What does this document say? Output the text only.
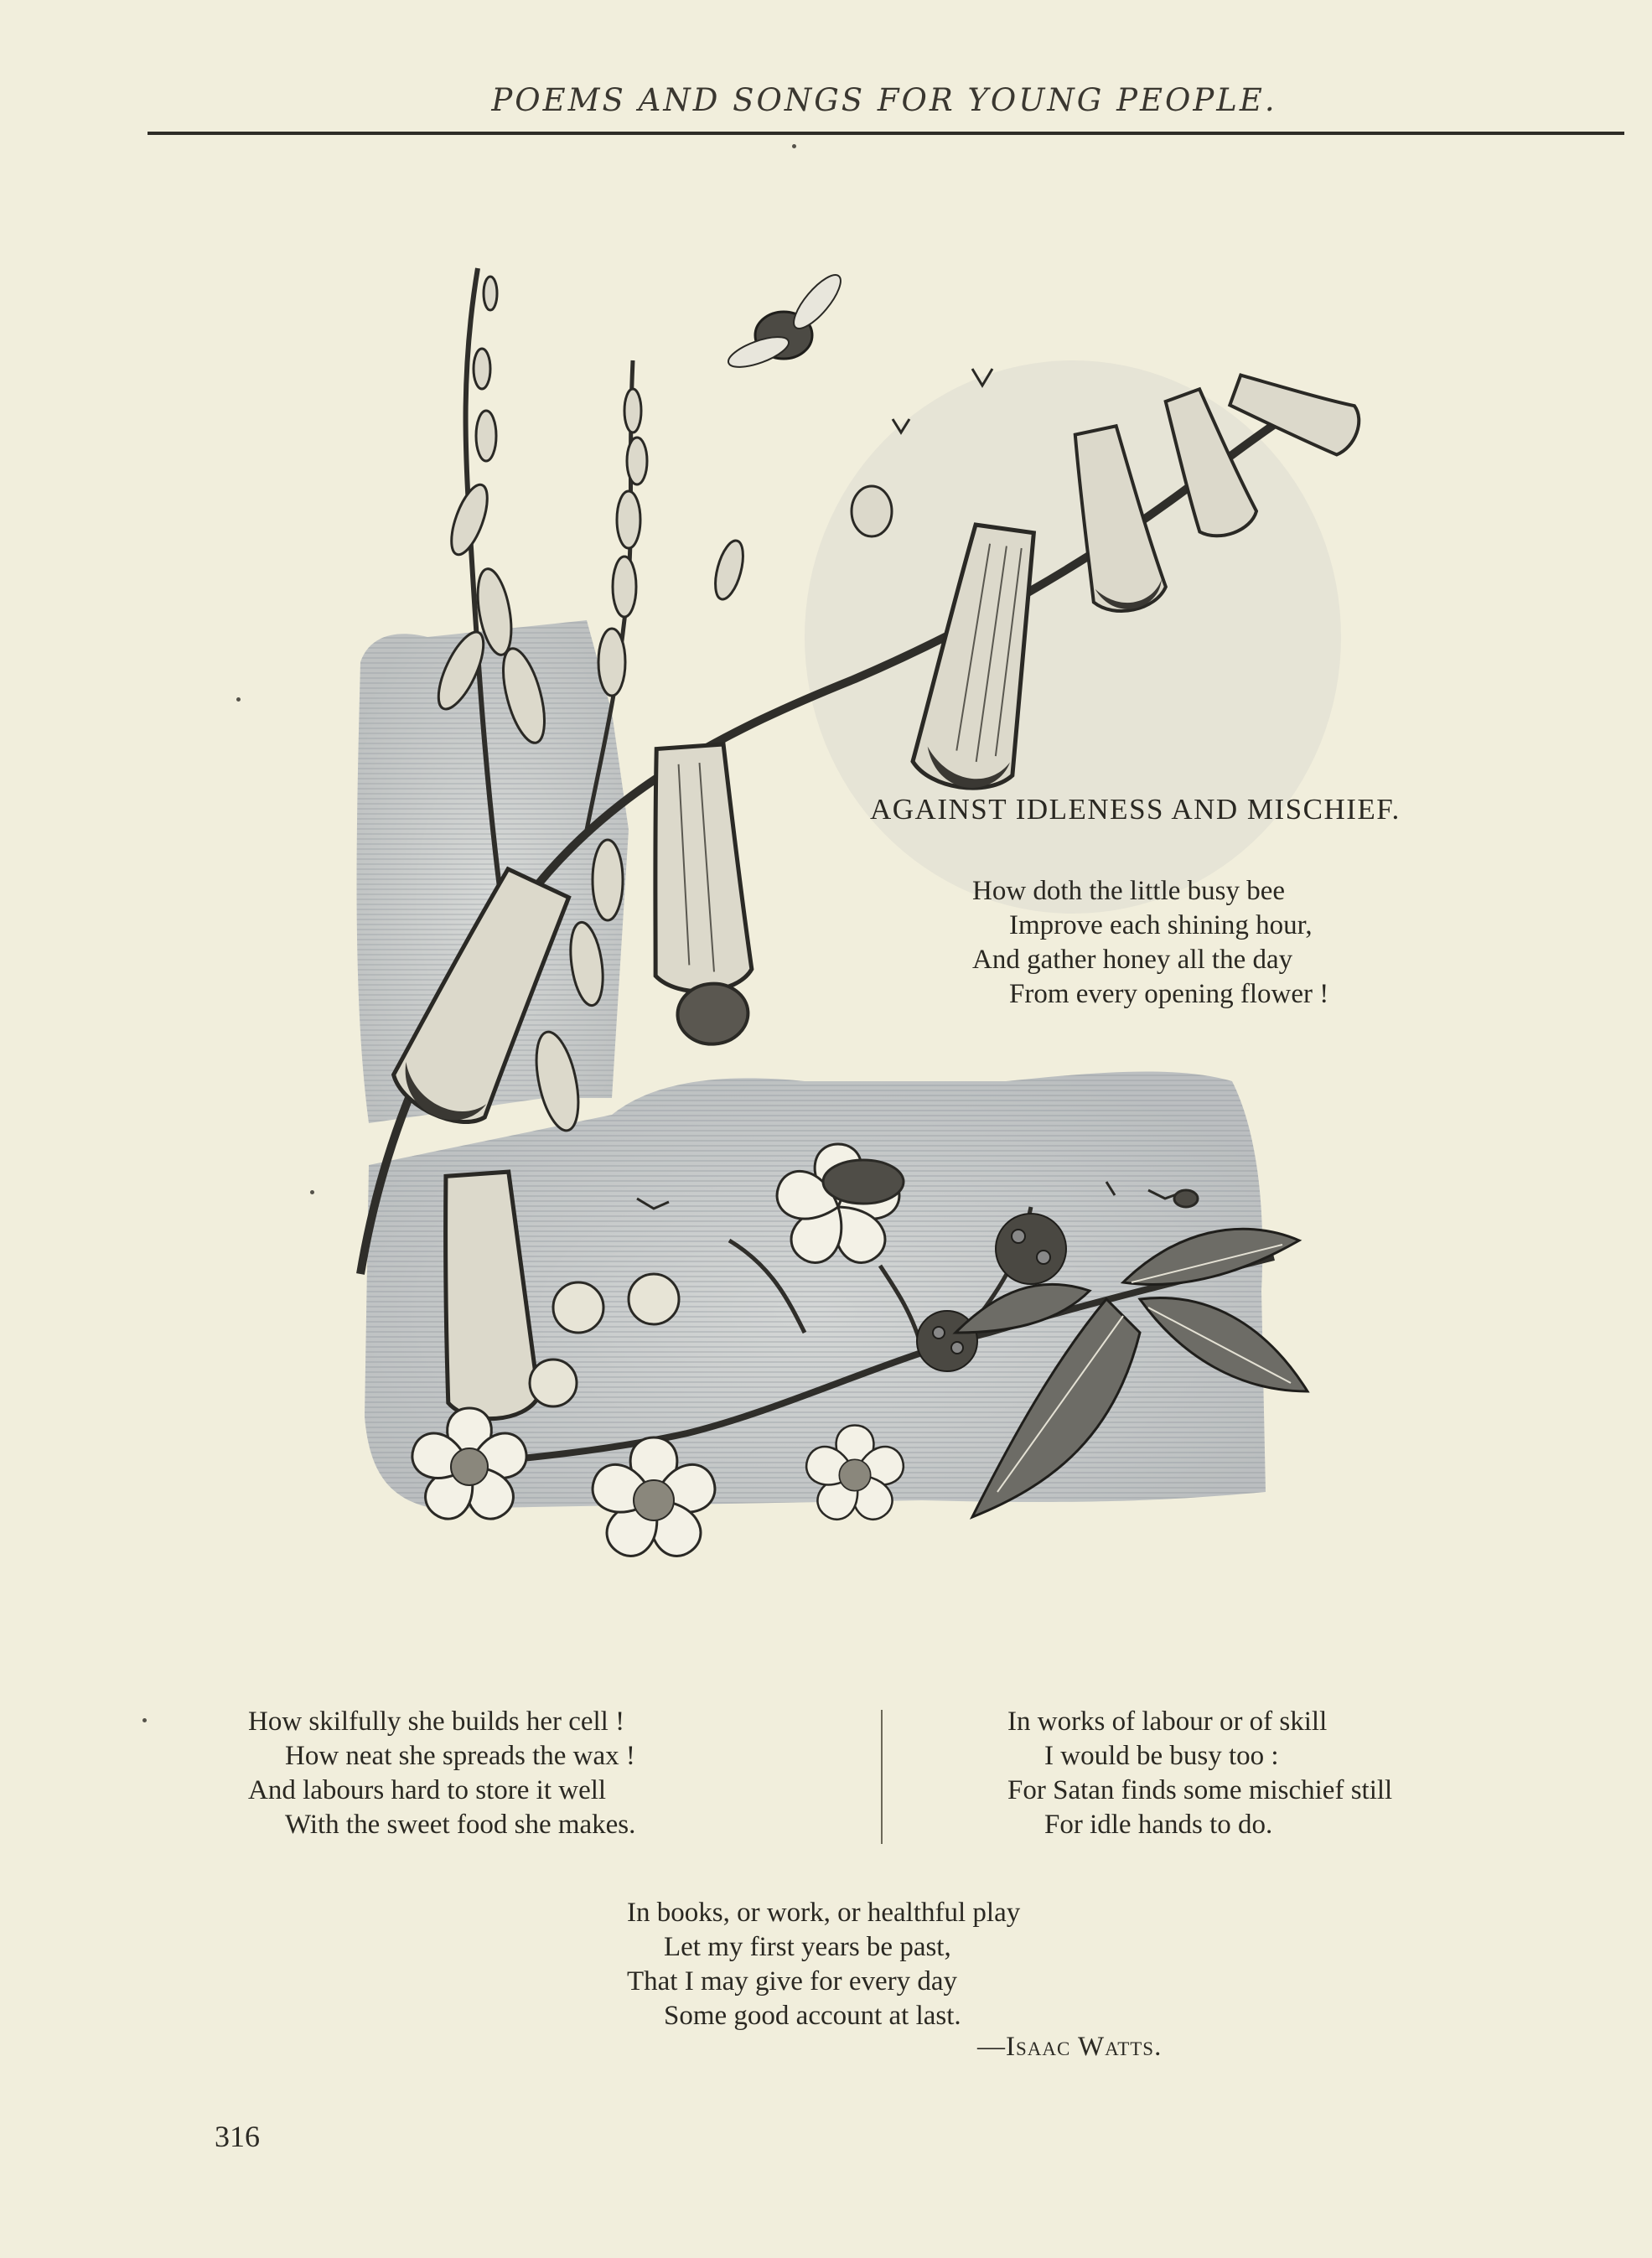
POEMS AND SONGS FOR YOUNG PEOPLE.
AGAINST IDLENESS AND MISCHIEF.
How doth the little busy bee
Improve each shining hour,
And gather honey all the day
From every opening flower !
How skilfully she builds her cell !
How neat she spreads the wax !
And labours hard to store it well
With the sweet food she makes.
In works of labour or of skill
I would be busy too :
For Satan finds some mischief still
For idle hands to do.
In books, or work, or healthful play
Let my first years be past,
That I may give for every day
Some good account at last.
—Isaac Watts.
316
